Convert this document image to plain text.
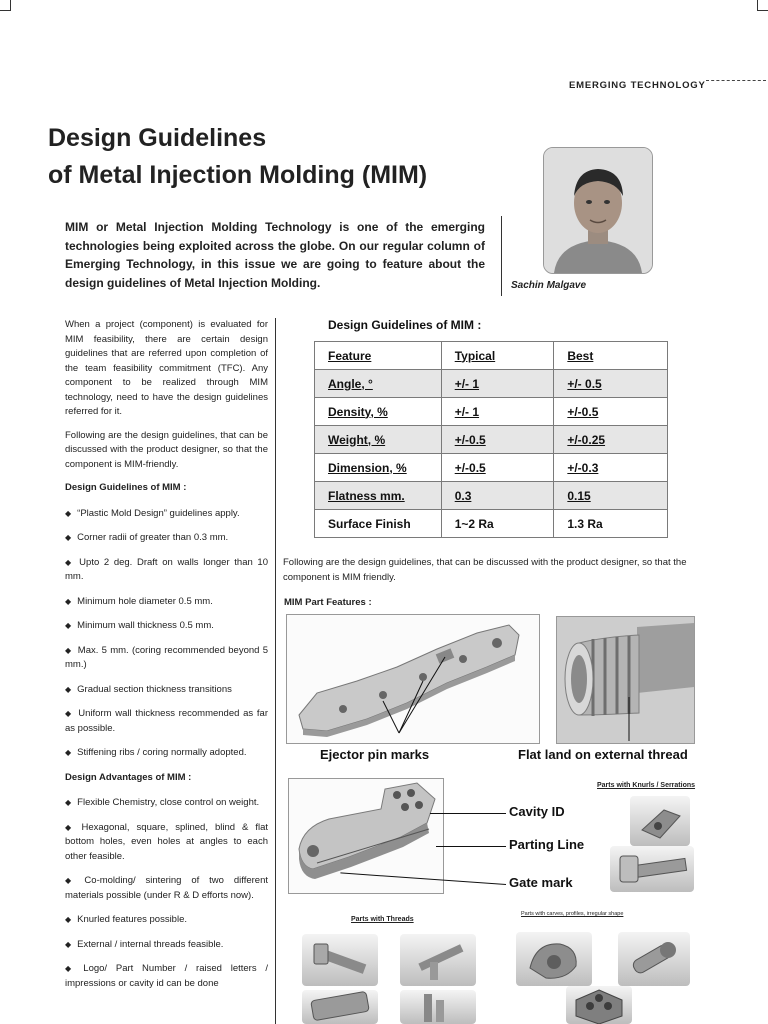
EMERGING TECHNOLOGY
Design Guidelines
of Metal Injection Molding (MIM)

MIM or Metal Injection Molding Technology is one of the emerging technologies being exploited across the globe. On our regular column of Emerging Technology, in this issue we are going to feature about the design guidelines of Metal Injection Molding.	Sachin Malgave

When a project (component) is evaluated for MIM feasibility, there are certain design guidelines that are referred upon completion of the team feasibility commitment (TFC). Any component to be realized through MIM technology, need to have the design guidelines referred for it.

Following are the design guidelines, that can be discussed with the product designer, so that the component is MIM-friendly.

Design Guidelines of MIM :
◆ “Plastic Mold Design” guidelines apply.
◆ Corner radii of greater than 0.3 mm.
◆ Upto 2 deg. Draft on walls longer than 10 mm.
◆ Minimum hole diameter 0.5 mm.
◆ Minimum wall thickness 0.5 mm.
◆ Max. 5 mm. (coring recommended beyond 5 mm.)
◆ Gradual section thickness transitions
◆ Uniform wall thickness recommended as far as possible.
◆ Stiffening ribs / coring normally adopted.
Design Advantages of MIM :
◆ Flexible Chemistry, close control on weight.
◆ Hexagonal, square, splined, blind & flat bottom holes, even holes at angles to each other feasible.
◆ Co-molding/ sintering of two different materials possible (under R & D efforts now).
◆ Knurled features possible.
◆ External / internal threads feasible.
◆ Logo/ Part Number / raised letters / impressions or cavity id can be done
Design Guidelines of MIM :
Feature	Typical	Best
Angle, °	+/- 1	+/- 0.5
Density, %	+/- 1	+/-0.5
Weight, %	+/-0.5	+/-0.25
Dimension, %	+/-0.5	+/-0.3
Flatness mm.	0.3	0.15
Surface Finish	1~2 Ra	1.3 Ra

Following are the design guidelines, that can be discussed with the product designer, so that the component is MIM friendly.

MIM Part Features :
Ejector pin marks	Flat land on external thread
Cavity ID
Parting Line
Gate mark
Parts with Knurls / Serrations
Parts with Threads
Parts with carves, profiles, irregular shape
